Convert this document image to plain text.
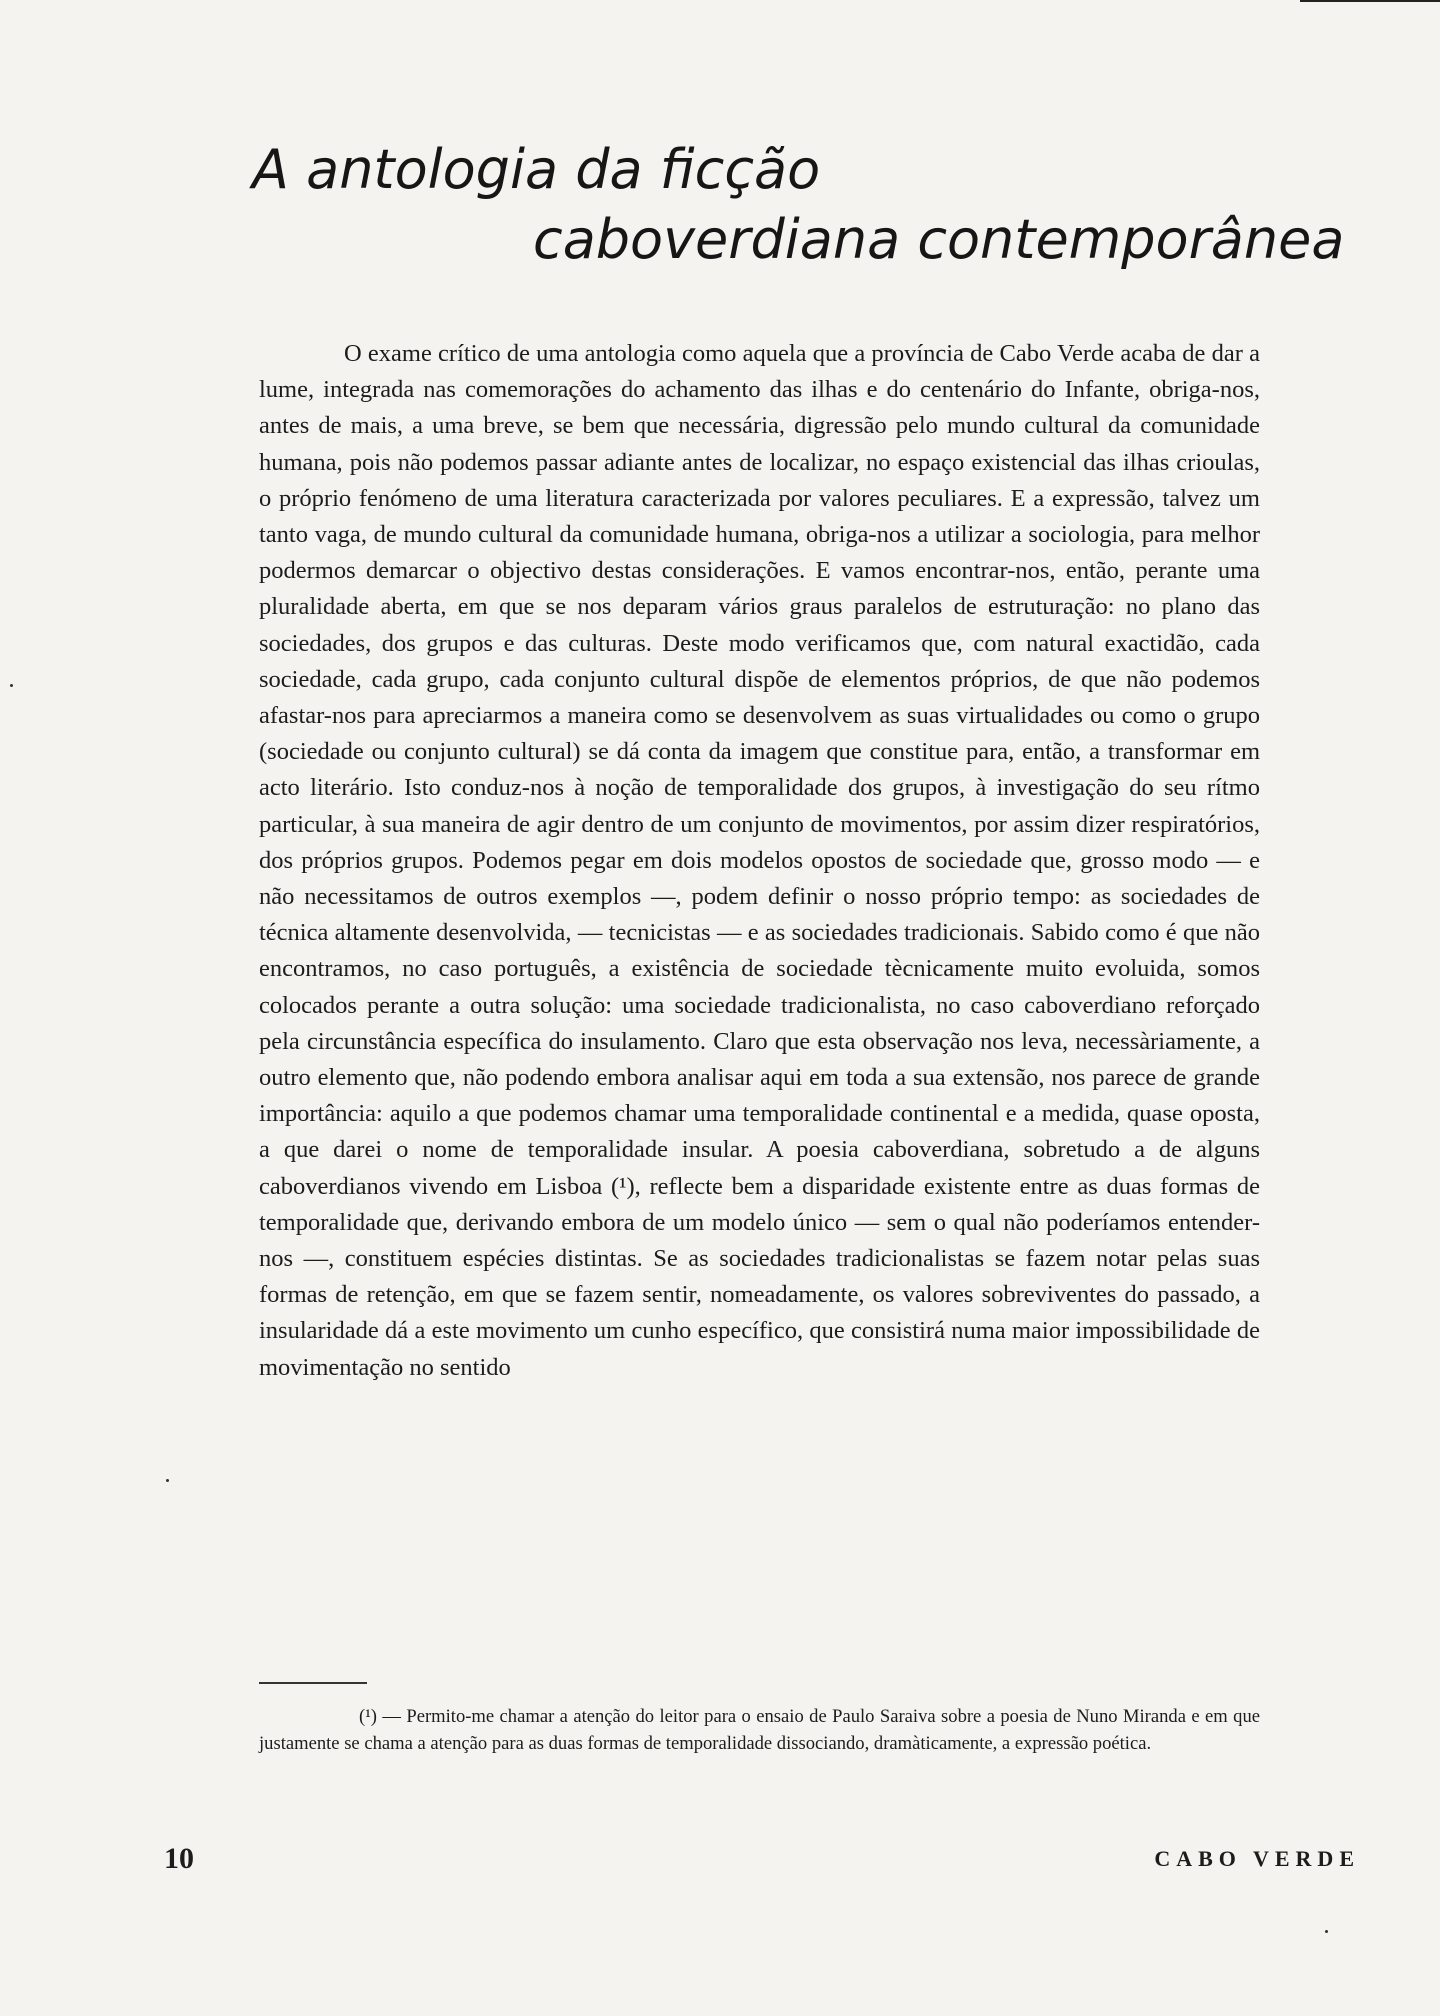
A antologia da ficção
caboverdiana contemporânea

O exame crítico de uma antologia como aquela que a província de Cabo Verde acaba de dar a lume, integrada nas comemorações do achamento das ilhas e do centenário do Infante, obriga-nos, antes de mais, a uma breve, se bem que necessária, digressão pelo mundo cultural da comunidade humana, pois não podemos passar adiante antes de localizar, no espaço existencial das ilhas crioulas, o próprio fenómeno de uma literatura caracterizada por valores peculiares. E a expressão, talvez um tanto vaga, de mundo cultural da comunidade humana, obriga-nos a utilizar a sociologia, para melhor podermos demarcar o objectivo destas considerações. E vamos encontrar-nos, então, perante uma pluralidade aberta, em que se nos deparam vários graus paralelos de estruturação: no plano das sociedades, dos grupos e das culturas. Deste modo verificamos que, com natural exactidão, cada sociedade, cada grupo, cada conjunto cultural dispõe de elementos próprios, de que não podemos afastar-nos para apreciarmos a maneira como se desenvolvem as suas virtualidades ou como o grupo (sociedade ou conjunto cultural) se dá conta da imagem que constitue para, então, a transformar em acto literário. Isto conduz-nos à noção de temporalidade dos grupos, à investigação do seu rítmo particular, à sua maneira de agir dentro de um conjunto de movimentos, por assim dizer respiratórios, dos próprios grupos. Podemos pegar em dois modelos opostos de sociedade que, grosso modo — e não necessitamos de outros exemplos —, podem definir o nosso próprio tempo: as sociedades de técnica altamente desenvolvida, — tecnicistas — e as sociedades tradicionais. Sabido como é que não encontramos, no caso português, a existência de sociedade tècnicamente muito evoluida, somos colocados perante a outra solução: uma sociedade tradicionalista, no caso caboverdiano reforçado pela circunstância específica do insulamento. Claro que esta observação nos leva, necessàriamente, a outro elemento que, não podendo embora analisar aqui em toda a sua extensão, nos parece de grande importância: aquilo a que podemos chamar uma temporalidade continental e a medida, quase oposta, a que darei o nome de temporalidade insular. A poesia caboverdiana, sobretudo a de alguns caboverdianos vivendo em Lisboa (¹), reflecte bem a disparidade existente entre as duas formas de temporalidade que, derivando embora de um modelo único — sem o qual não poderíamos entender-nos —, constituem espécies distintas. Se as sociedades tradicionalistas se fazem notar pelas suas formas de retenção, em que se fazem sentir, nomeadamente, os valores sobreviventes do passado, a insularidade dá a este movimento um cunho específico, que consistirá numa maior impossibilidade de movimentação no sentido

(¹) — Permito-me chamar a atenção do leitor para o ensaio de Paulo Saraiva sobre a poesia de Nuno Miranda e em que justamente se chama a atenção para as duas formas de temporalidade dissociando, dramàticamente, a expressão poética.

10	CABO VERDE
